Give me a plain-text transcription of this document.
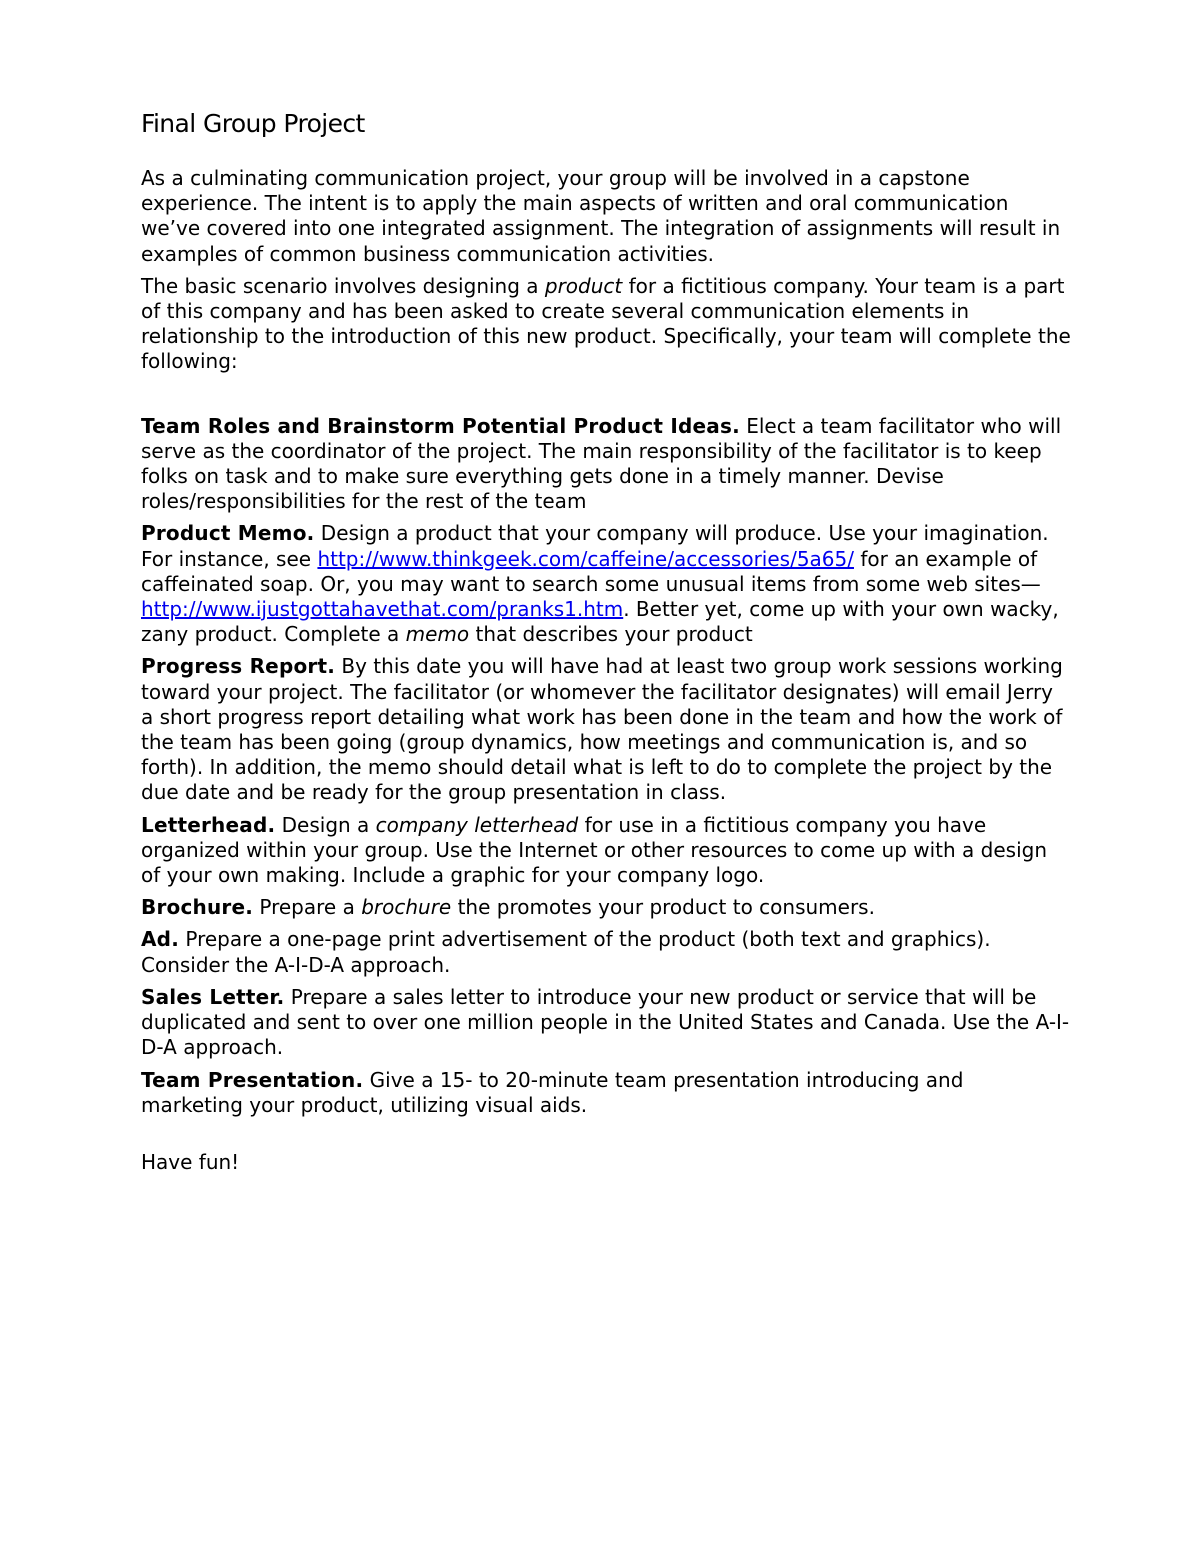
Final Group Project

As a culminating communication project, your group will be involved in a capstone experience. The intent is to apply the main aspects of written and oral communication we’ve covered into one integrated assignment. The integration of assignments will result in examples of common business communication activities.

The basic scenario involves designing a product for a fictitious company. Your team is a part of this company and has been asked to create several communication elements in relationship to the introduction of this new product. Specifically, your team will complete the following:

Team Roles and Brainstorm Potential Product Ideas. Elect a team facilitator who will serve as the coordinator of the project. The main responsibility of the facilitator is to keep folks on task and to make sure everything gets done in a timely manner. Devise roles/responsibilities for the rest of the team

Product Memo. Design a product that your company will produce. Use your imagination. For instance, see http://www.thinkgeek.com/caffeine/accessories/5a65/ for an example of caffeinated soap. Or, you may want to search some unusual items from some web sites—http://www.ijustgottahavethat.com/pranks1.htm. Better yet, come up with your own wacky, zany product. Complete a memo that describes your product

Progress Report. By this date you will have had at least two group work sessions working toward your project. The facilitator (or whomever the facilitator designates) will email Jerry a short progress report detailing what work has been done in the team and how the work of the team has been going (group dynamics, how meetings and communication is, and so forth). In addition, the memo should detail what is left to do to complete the project by the due date and be ready for the group presentation in class.

Letterhead. Design a company letterhead for use in a fictitious company you have organized within your group. Use the Internet or other resources to come up with a design of your own making. Include a graphic for your company logo.

Brochure. Prepare a brochure the promotes your product to consumers.

Ad. Prepare a one-page print advertisement of the product (both text and graphics). Consider the A-I-D-A approach.

Sales Letter. Prepare a sales letter to introduce your new product or service that will be duplicated and sent to over one million people in the United States and Canada. Use the A-I-D-A approach.

Team Presentation. Give a 15- to 20-minute team presentation introducing and marketing your product, utilizing visual aids.

Have fun!
